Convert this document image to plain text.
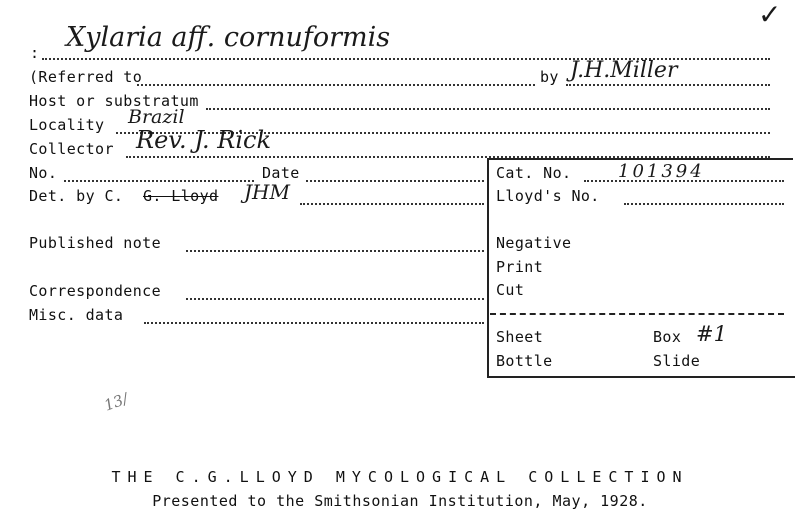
✓
: Xylaria aff. cornuformis
(Referred to	by J.H.Miller
Host or substratum
Locality Brazil
Collector Rev. J. Rick
No.	Date
Det. by C. G. Lloyd JHM
Published note
Correspondence
Misc. data
13/
Cat. No.	101394
Lloyd's No.
Negative
Print
Cut
Sheet	Box #1
Bottle	Slide
THE C.G.LLOYD MYCOLOGICAL COLLECTION
Presented to the Smithsonian Institution, May, 1928.
